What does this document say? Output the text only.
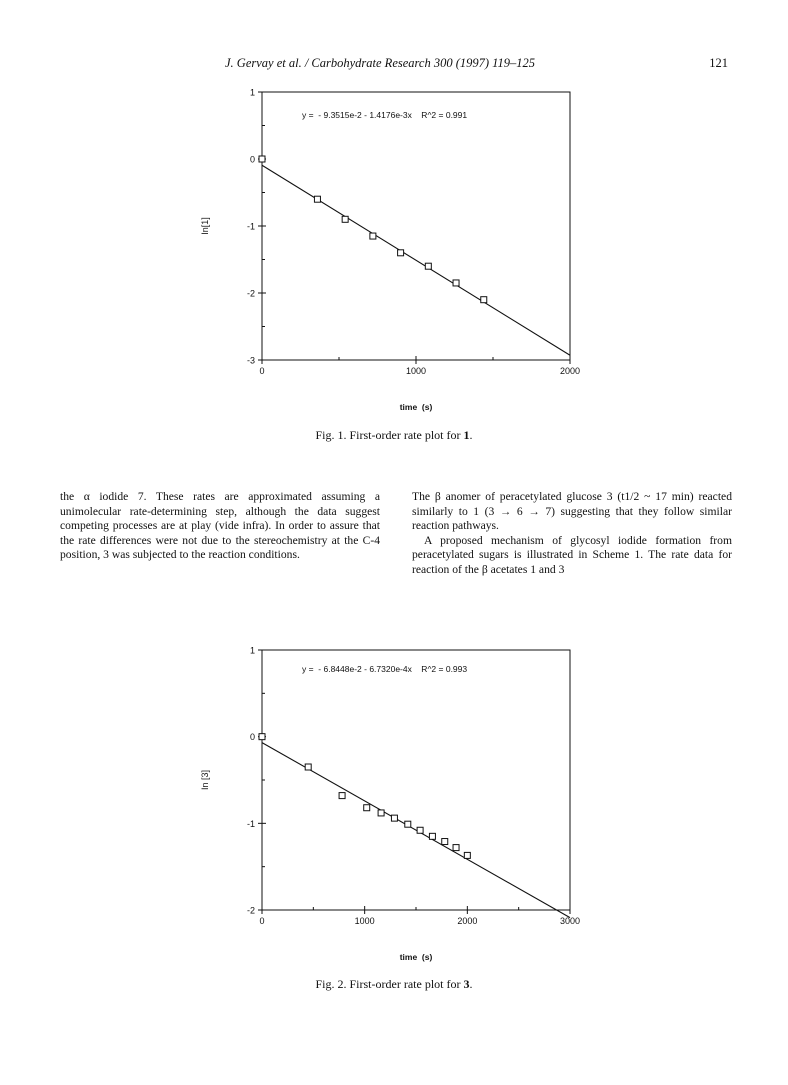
J. Gervay et al. / Carbohydrate Research 300 (1997) 119–125	121
1
0
-1
-2
-3
0	1000	2000
y =  - 9.3515e-2 - 1.4176e-3x    R^2 = 0.991
time  (s)
In[1]
Fig. 1. First-order rate plot for 1.

the α iodide 7. These rates are approximated assuming a unimolecular rate-determining step, although the data suggest competing processes are at play (vide infra). In order to assure that the rate differences were not due to the stereochemistry at the C-4 position, 3 was subjected to the reaction conditions.

The β anomer of peracetylated glucose 3 (t1/2 ~ 17 min) reacted similarly to 1 (3 → 6 → 7) suggesting that they follow similar reaction pathways.

A proposed mechanism of glycosyl iodide formation from peracetylated sugars is illustrated in Scheme 1. The rate data for reaction of the β acetates 1 and 3

1
0
-1
-2
0	1000	2000	3000
y =  - 6.8448e-2 - 6.7320e-4x    R^2 = 0.993
time  (s)
In [3]
Fig. 2. First-order rate plot for 3.
